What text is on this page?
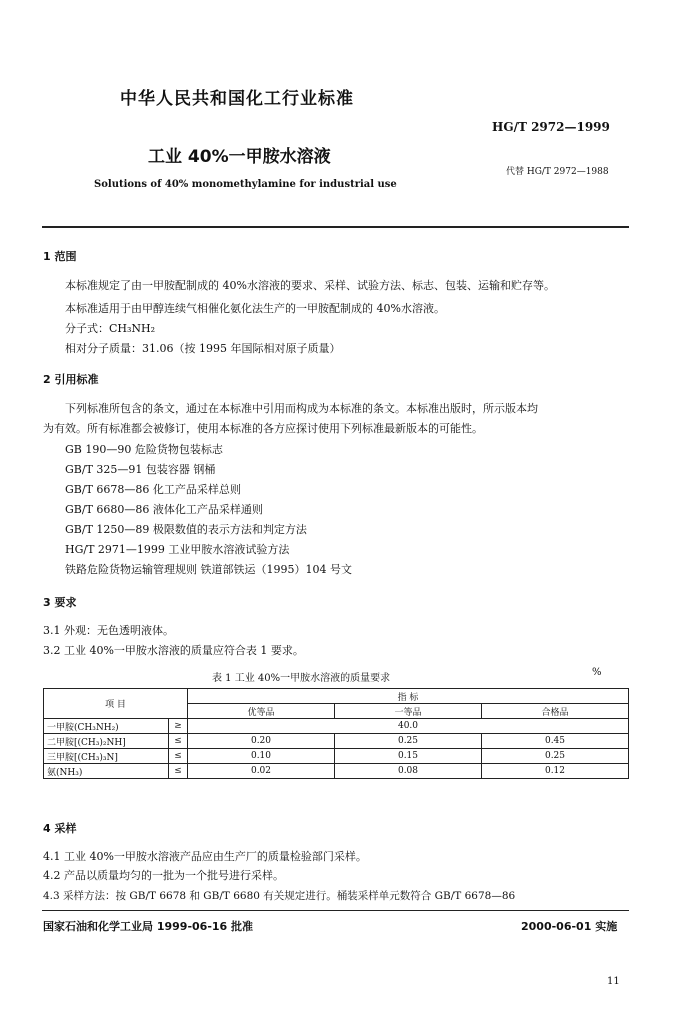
中华人民共和国化工行业标准
HG/T 2972—1999
工业 40%一甲胺水溶液
代替 HG/T 2972—1988
Solutions of 40% monomethylamine for industrial use
1 范围
本标准规定了由一甲胺配制成的 40%水溶液的要求、采样、试验方法、标志、包装、运输和贮存等。
本标准适用于由甲醇连续气相催化氨化法生产的一甲胺配制成的 40%水溶液。
分子式：CH₃NH₂
相对分子质量：31.06（按 1995 年国际相对原子质量）
2 引用标准
下列标准所包含的条文，通过在本标准中引用而构成为本标准的条文。本标准出版时，所示版本均
为有效。所有标准都会被修订，使用本标准的各方应探讨使用下列标准最新版本的可能性。
GB 190—90 危险货物包装标志
GB/T 325—91 包装容器 钢桶
GB/T 6678—86 化工产品采样总则
GB/T 6680—86 液体化工产品采样通则
GB/T 1250—89 极限数值的表示方法和判定方法
HG/T 2971—1999 工业甲胺水溶液试验方法
铁路危险货物运输管理规则 铁道部铁运（1995）104 号文
3 要求
3.1 外观：无色透明液体。
3.2 工业 40%一甲胺水溶液的质量应符合表 1 要求。
表 1 工业 40%一甲胺水溶液的质量要求
%
项 目		指 标		
		优等品	一等品	合格品
一甲胺(CH₃NH₂)	≥	40.0		
二甲胺[(CH₃)₂NH]	≤	0.20	0.25	0.45
三甲胺[(CH₃)₃N]	≤	0.10	0.15	0.25
氨(NH₃)	≤	0.02	0.08	0.12
4 采样
4.1 工业 40%一甲胺水溶液产品应由生产厂的质量检验部门采样。
4.2 产品以质量均匀的一批为一个批号进行采样。
4.3 采样方法：按 GB/T 6678 和 GB/T 6680 有关规定进行。桶装采样单元数符合 GB/T 6678—86
国家石油和化学工业局 1999-06-16 批准	2000-06-01 实施
11
